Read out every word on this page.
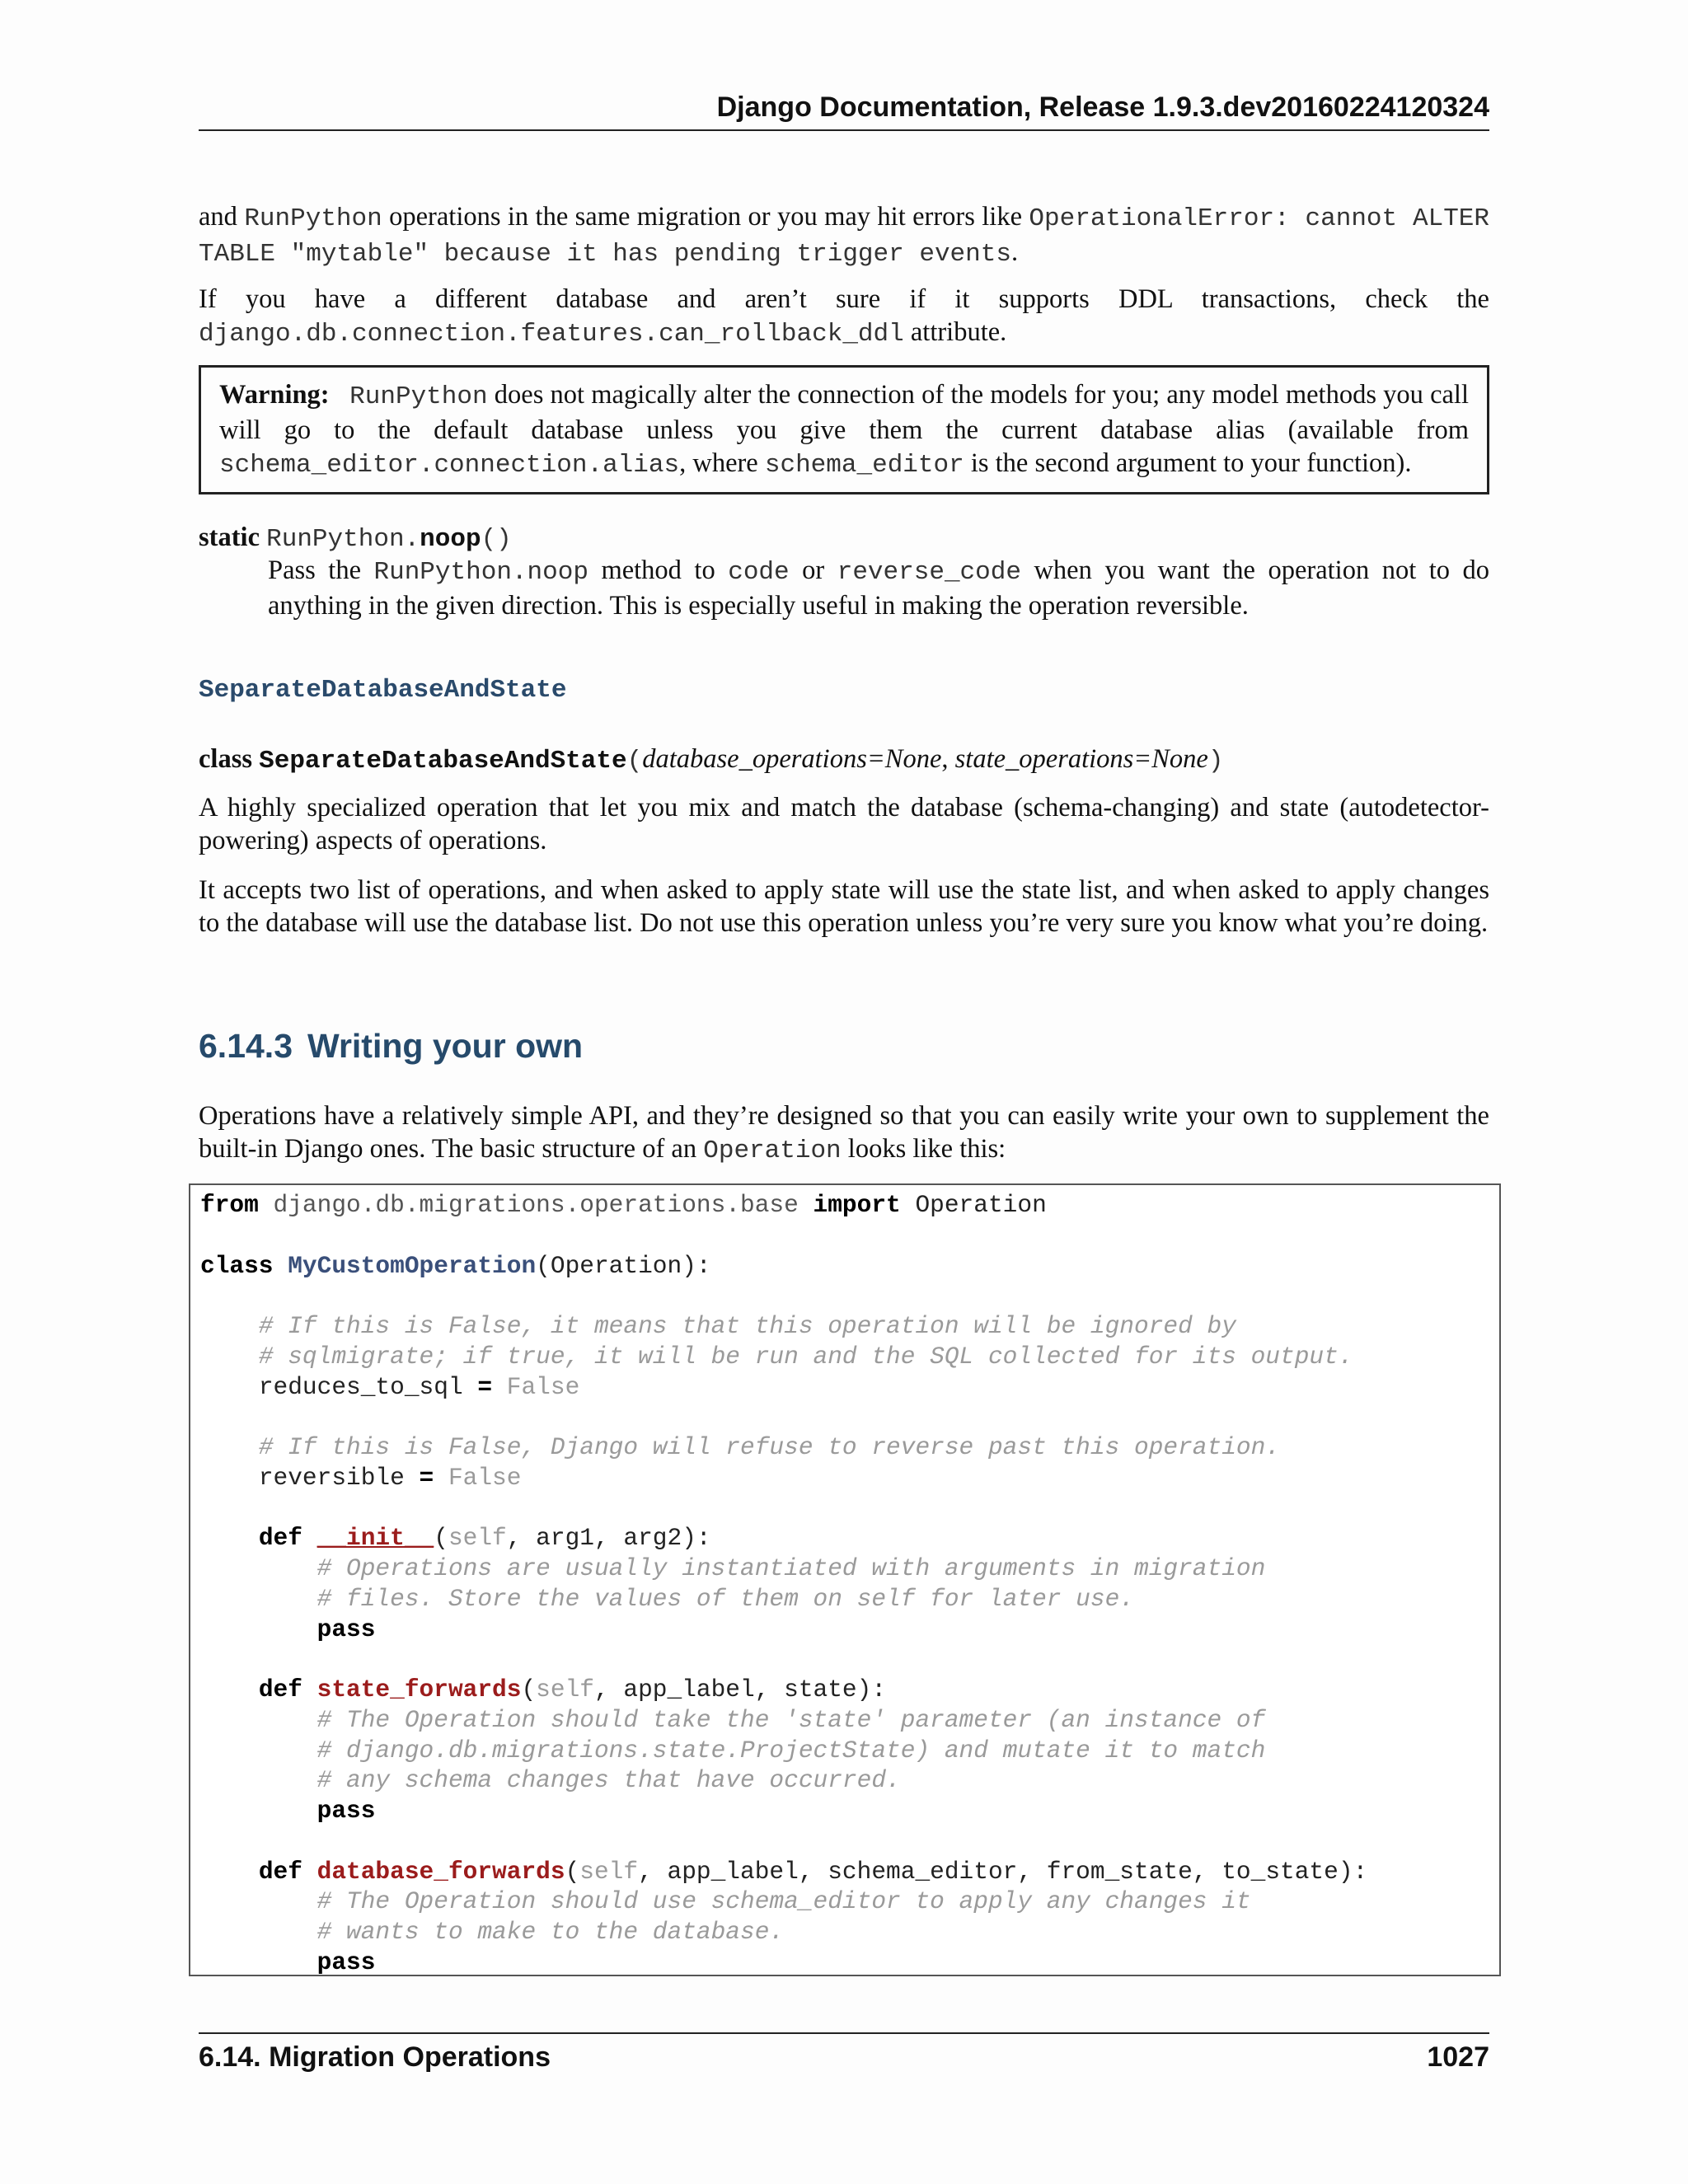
Django Documentation, Release 1.9.3.dev20160224120324

and RunPython operations in the same migration or you may hit errors like OperationalError: cannot ALTER TABLE "mytable" because it has pending trigger events.

If you have a different database and aren’t sure if it supports DDL transactions, check the django.db.connection.features.can_rollback_ddl attribute.

Warning: RunPython does not magically alter the connection of the models for you; any model methods you call will go to the default database unless you give them the current database alias (available from schema_editor.connection.alias, where schema_editor is the second argument to your function).
static RunPython.noop()

Pass the RunPython.noop method to code or reverse_code when you want the operation not to do anything in the given direction. This is especially useful in making the operation reversible.

SeparateDatabaseAndState
class SeparateDatabaseAndState(database_operations=None, state_operations=None)

A highly specialized operation that let you mix and match the database (schema-changing) and state (autodetector-powering) aspects of operations.

It accepts two list of operations, and when asked to apply state will use the state list, and when asked to apply changes to the database will use the database list. Do not use this operation unless you’re very sure you know what you’re doing.

6.14.3 Writing your own

Operations have a relatively simple API, and they’re designed so that you can easily write your own to supplement the built-in Django ones. The basic structure of an Operation looks like this:

from django.db.migrations.operations.base import Operation

class MyCustomOperation(Operation):

# If this is False, it means that this operation will be ignored by
# sqlmigrate; if true, it will be run and the SQL collected for its output.
reduces_to_sql = False

# If this is False, Django will refuse to reverse past this operation.
reversible = False

def __init__(self, arg1, arg2):
# Operations are usually instantiated with arguments in migration
# files. Store the values of them on self for later use.
pass

def state_forwards(self, app_label, state):
# The Operation should take the 'state' parameter (an instance of
# django.db.migrations.state.ProjectState) and mutate it to match
# any schema changes that have occurred.
pass

def database_forwards(self, app_label, schema_editor, from_state, to_state):
# The Operation should use schema_editor to apply any changes it
# wants to make to the database.
pass
6.14. Migration Operations	1027
